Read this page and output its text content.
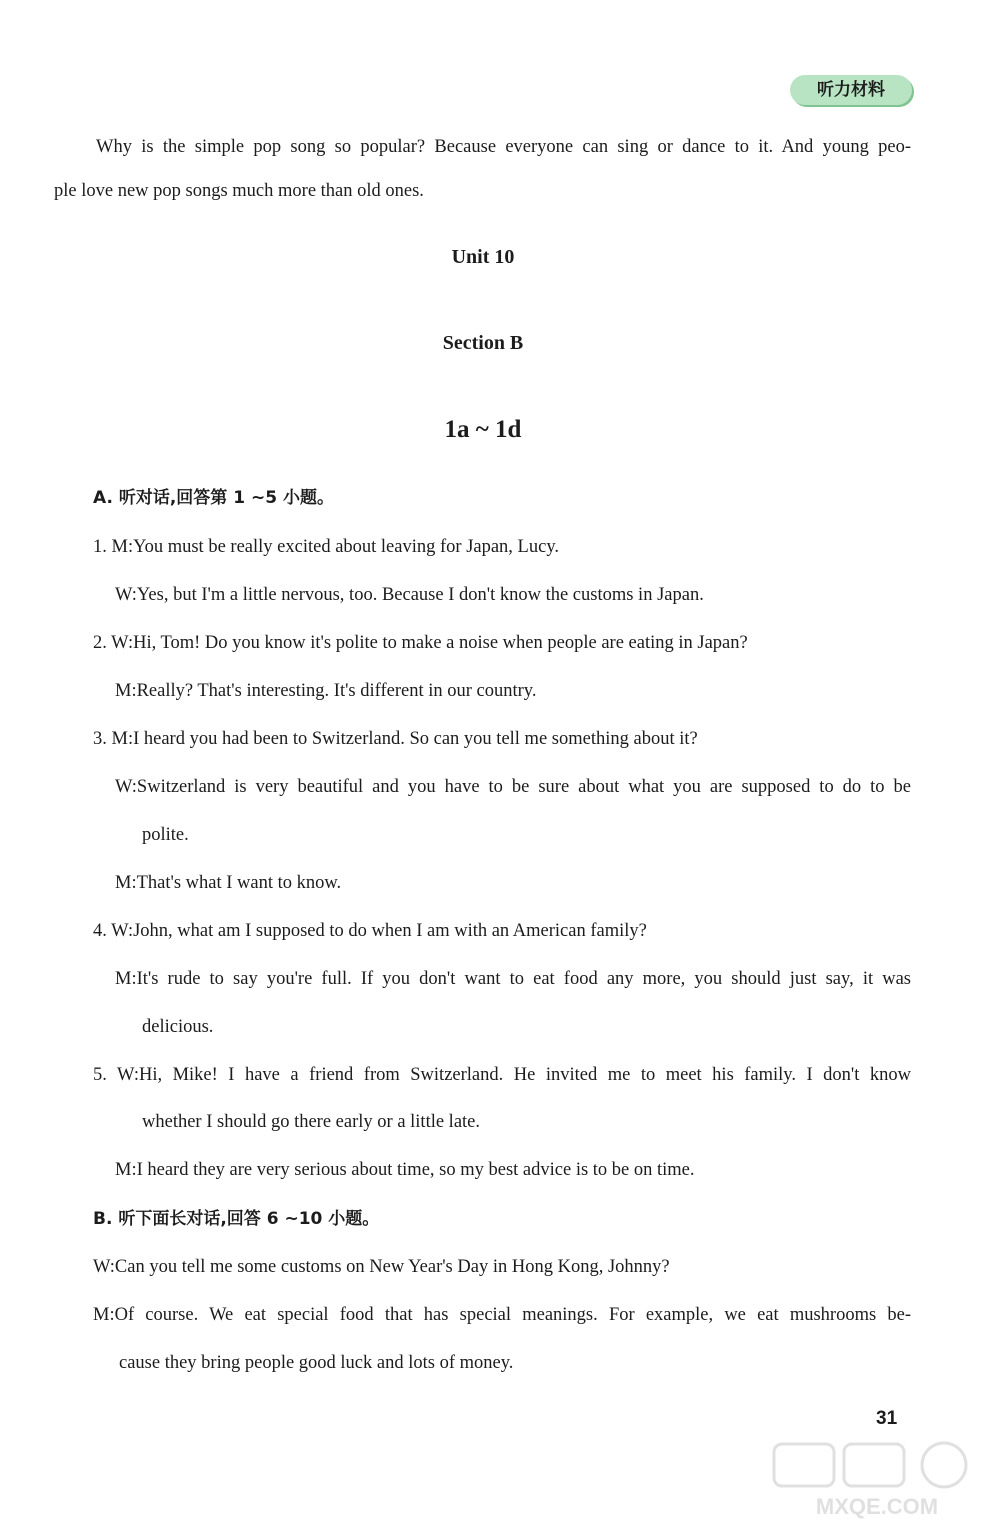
听力材料
Why is the simple pop song so popular? Because everyone can sing or dance to it. And young peo-
ple love new pop songs much more than old ones.
Unit 10
Section B
1a ~ 1d
A. 听对话,回答第 1 ~5 小题。
1. M:You must be really excited about leaving for Japan, Lucy.
W:Yes, but I'm a little nervous, too. Because I don't know the customs in Japan.
2. W:Hi, Tom! Do you know it's polite to make a noise when people are eating in Japan?
M:Really? That's interesting. It's different in our country.
3. M:I heard you had been to Switzerland. So can you tell me something about it?
W:Switzerland is very beautiful and you have to be sure about what you are supposed to do to be
polite.
M:That's what I want to know.
4. W:John, what am I supposed to do when I am with an American family?
M:It's rude to say you're full. If you don't want to eat food any more, you should just say, it was
delicious.
5. W:Hi, Mike! I have a friend from Switzerland. He invited me to meet his family. I don't know
whether I should go there early or a little late.
M:I heard they are very serious about time, so my best advice is to be on time.
B. 听下面长对话,回答 6 ~10 小题。
W:Can you tell me some customs on New Year's Day in Hong Kong, Johnny?
M:Of course. We eat special food that has special meanings. For example, we eat mushrooms be-
cause they bring people good luck and lots of money.
31
MXQE.COM
